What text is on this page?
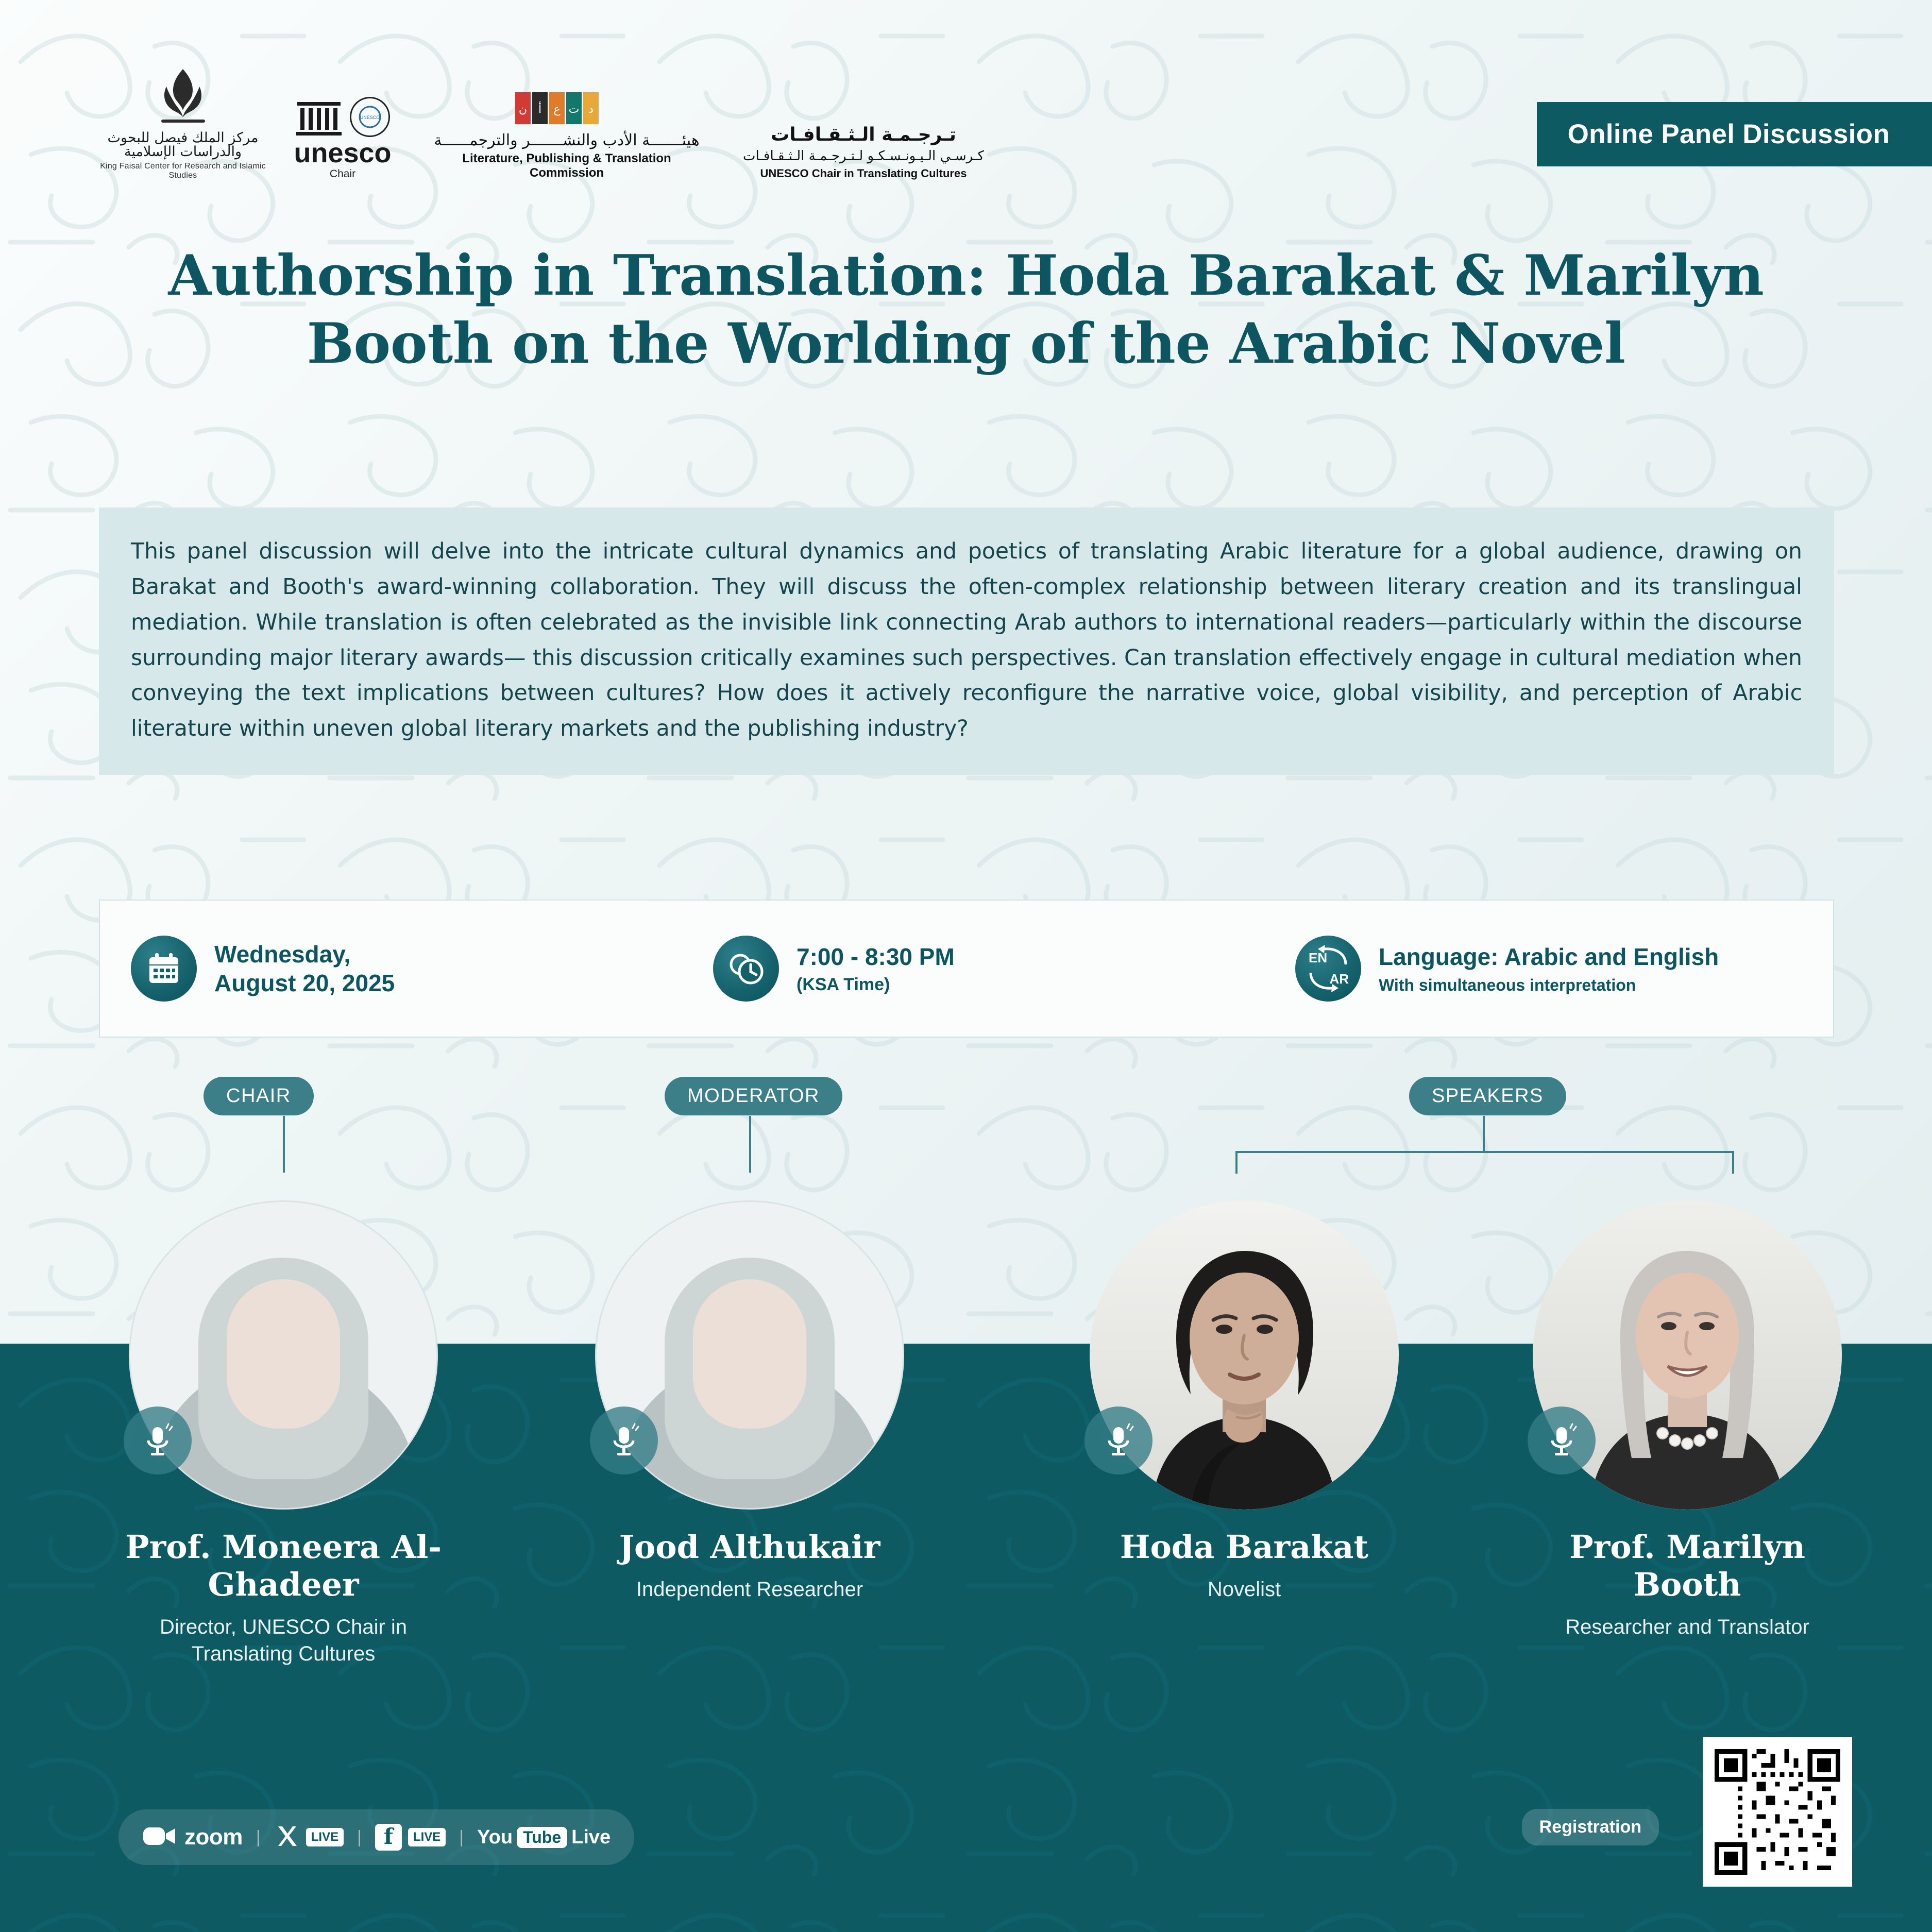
مركز الملك فيصل للبحوث والدراسات الإسلامية
King Faisal Center for Research and Islamic Studies
UNESCO
unesco
Chair
ن أ ع ت د
هيئـــــــة الأدب والنشـــــــر والترجمــــــة
Literature, Publishing & Translation Commission
تـرجـمـة الـثـقـافـات
كـرسـي الـيـونـسـكـو لـتـرجـمـة الـثـقـافـات
UNESCO Chair in Translating Cultures
Online Panel Discussion
Authorship in Translation: Hoda Barakat & Marilyn Booth on the Worlding of the Arabic Novel

This panel discussion will delve into the intricate cultural dynamics and poetics of translating Arabic literature for a global audience, drawing on Barakat and Booth's award-winning collaboration. They will discuss the often-complex relationship between literary creation and its translingual mediation. While translation is often celebrated as the invisible link connecting Arab authors to international readers—particularly within the discourse surrounding major literary awards— this discussion critically examines such perspectives. Can translation effectively engage in cultural mediation when conveying the text implications between cultures? How does it actively reconfigure the narrative voice, global visibility, and perception of Arabic literature within uneven global literary markets and the publishing industry?

Wednesday,
August 20, 2025
7:00 - 8:30 PM
(KSA Time)
EN
AR
Language: Arabic and English
With simultaneous interpretation
CHAIR	MODERATOR	SPEAKERS
Prof. Moneera Al-Ghadeer
Director, UNESCO Chair in Translating Cultures
Jood Althukair
Independent Researcher
Hoda Barakat
Novelist
Prof. Marilyn Booth
Researcher and Translator
zoom |	LIVE |	f	LIVE | You Tube Live	Registration
